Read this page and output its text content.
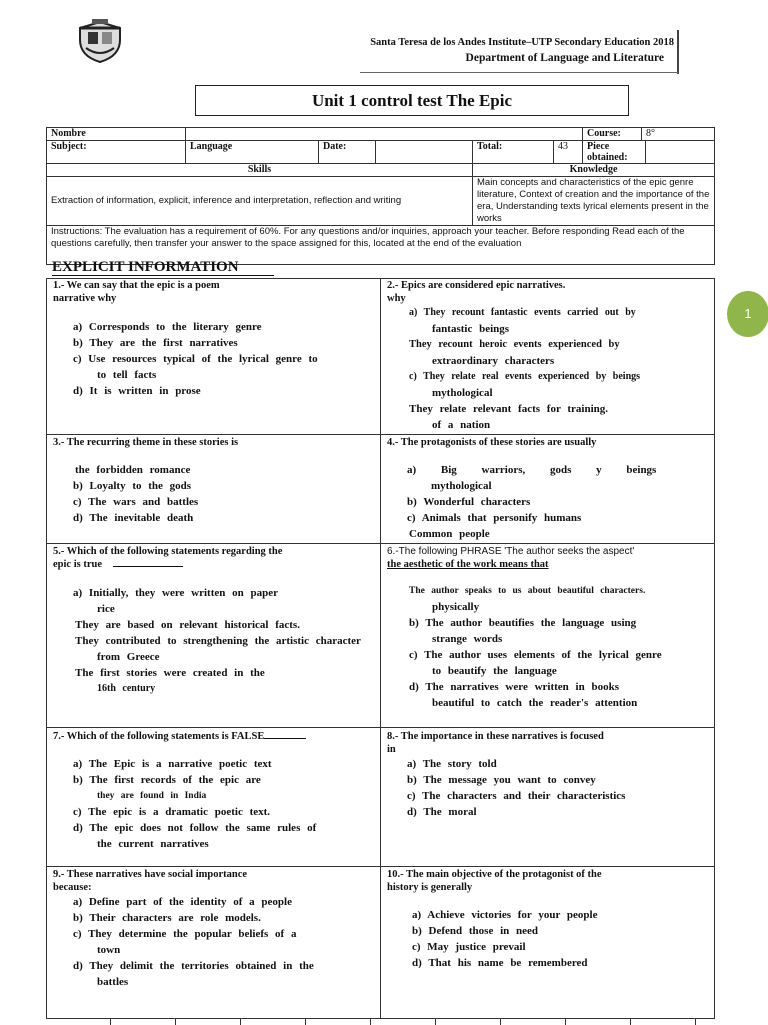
Santa Teresa de los Andes Institute–UTP Secondary Education 2018
Department of Language and Literature
Unit 1 control test The Epic
Nombre						Course:	8°	
Subject:	Language	Date:		Total:	43	Piece obtained:		
Skills				Knowledge				
Extraction of information, explicit, inference and interpretation, reflection and writing				Main concepts and characteristics of the epic genre literature, Context of creation and the importance of the era, Understanding texts lyrical elements present in the works				
Instructions: The evaluation has a requirement of 60%. For any questions and/or inquiries, approach your teacher. Before responding Read each of the questions carefully, then transfer your answer to the space assigned for this, located at the end of the evaluation								
EXPLICIT INFORMATION
1
1.- We can say that the epic is a poem
narrative why
a) Corresponds to the literary genre
b) They are the first narratives
c) Use resources typical of the lyrical genre to
to tell facts
d) It is written in prose
2.- Epics are considered epic narratives.
why
a) They recount fantastic events carried out by
fantastic beings
They recount heroic events experienced by
extraordinary characters
c) They relate real events experienced by beings
mythological
They relate relevant facts for training.
of a nation
3.- The recurring theme in these stories is
the forbidden romance
b) Loyalty to the gods
c) The wars and battles
d) The inevitable death
4.- The protagonists of these stories are usually
a) Big warriors, gods y beings
mythological
b) Wonderful characters
c) Animals that personify humans
Common people
5.- Which of the following statements regarding the
epic is true
a) Initially, they were written on paper
rice
They are based on relevant historical facts.
They contributed to strengthening the artistic character
from Greece
The first stories were created in the
16th century
6.-The following PHRASE 'The author seeks the aspect'
the aesthetic of the work means that
The author speaks to us about beautiful characters.
physically
b) The author beautifies the language using
strange words
c) The author uses elements of the lyrical genre
to beautify the language
d) The narratives were written in books
beautiful to catch the reader's attention
7.- Which of the following statements is FALSE
a) The Epic is a narrative poetic text
b) The first records of the epic are
they are found in India
c) The epic is a dramatic poetic text.
d) The epic does not follow the same rules of
the current narratives
8.- The importance in these narratives is focused
in
a) The story told
b) The message you want to convey
c) The characters and their characteristics
d) The moral
9.- These narratives have social importance
because:
a) Define part of the identity of a people
b) Their characters are role models.
c) They determine the popular beliefs of a
town
d) They delimit the territories obtained in the
battles
10.- The main objective of the protagonist of the
history is generally
a) Achieve victories for your people
b) Defend those in need
c) May justice prevail
d) That his name be remembered
